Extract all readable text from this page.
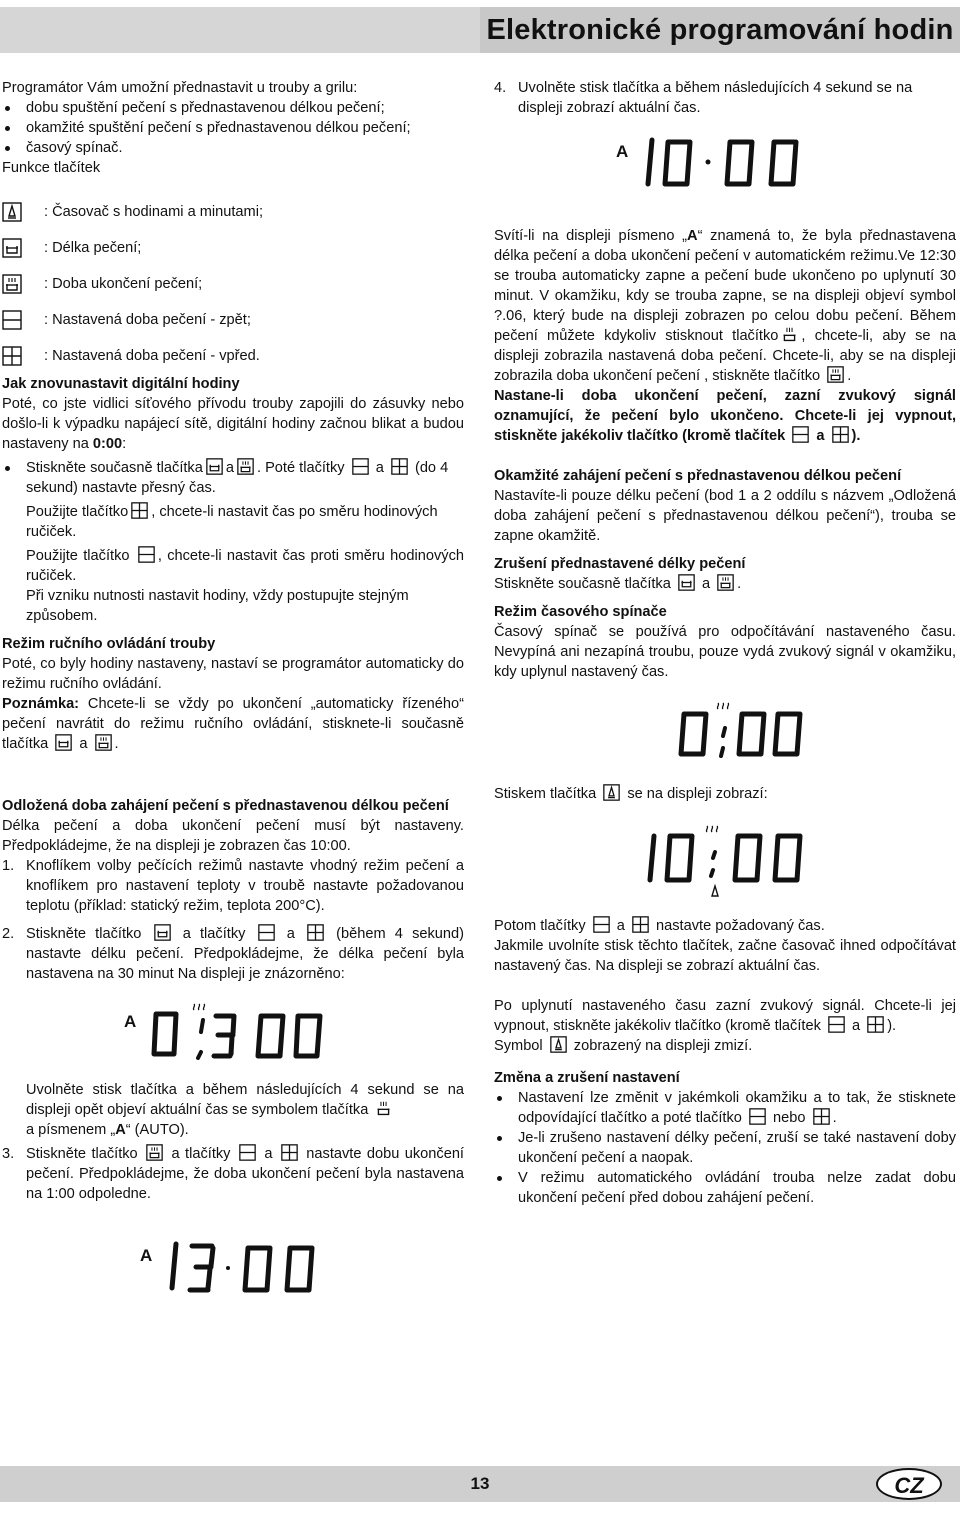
Elektronické programování hodin

Programátor Vám umožní přednastavit u trouby a grilu:

dobu spuštění pečení s přednastavenou délkou pečení;
okamžité spuštění pečení s přednastavenou délkou pečení;
časový spínač.

Funkce tlačítek

: Časovač s hodinami a minutami;
: Délka pečení;
: Doba ukončení pečení;
: Nastavená doba pečení - zpět;
: Nastavená doba pečení - vpřed.

Jak znovunastavit digitální hodiny

Poté, co jste vidlici síťového přívodu trouby zapojili do zásuvky nebo došlo-li k výpadku napájecí sítě, digitální hodiny začnou blikat a budou nastaveny na 0:00:

Stiskněte současně tlačítka a . Poté tlačítky a (do 4 sekund) nastavte přesný čas.

Použijte tlačítko , chcete-li nastavit čas po směru hodinových ručiček.

Použijte tlačítko , chcete-li nastavit čas proti směru hodinových ručiček.

Při vzniku nutnosti nastavit hodiny, vždy postupujte stejným způsobem.

Režim ručního ovládání trouby

Poté, co byly hodiny nastaveny, nastaví se programátor automaticky do režimu ručního ovládání.

Poznámka: Chcete-li se vždy po ukončení „automaticky řízeného“ pečení navrátit do režimu ručního ovládání, stisknete-li současně tlačítka a .

Odložená doba zahájení pečení s přednastavenou délkou pečení

Délka pečení a doba ukončení pečení musí být nastaveny. Předpokládejme, že na displeji je zobrazen čas 10:00.

1. Knoflíkem volby pečících režimů nastavte vhodný režim pečení a knoflíkem pro nastavení teploty v troubě nastavte požadovanou teplotu (příklad: statický režim, teplota 200°C).

2. Stiskněte tlačítko	a tlačítky	a	(během 4 sekund) nastavte délku pečení. Předpokládejme, že délka pečení byla nastavena na 30 minut Na displeji je znázorněno:

A

Uvolněte stisk tlačítka a během následujících 4 sekund se na displeji opět objeví aktuální čas se symbolem tlačítka

a písmenem „A“ (AUTO).

3. Stiskněte tlačítko a tlačítky a nastavte dobu ukončení pečení. Předpokládejme, že doba ukončení pečení byla nastavena na 1:00 odpoledne.

A

4. Uvolněte stisk tlačítka a během následujících 4 sekund se na displeji zobrazí aktuální čas.

A

Svítí-li na displeji písmeno „A“ znamená to, že byla přednastavena délka pečení a doba ukončení pečení v automatickém režimu.Ve 12:30 se trouba automaticky zapne a pečení bude ukončeno po uplynutí 30 minut. V okamžiku, kdy se trouba zapne, se na displeji objeví symbol ?.06, který bude na displeji zobrazen po celou dobu pečení. Během pečení můžete kdykoliv stisknout tlačítko , chcete-li, aby se na displeji zobrazila nastavená doba pečení. Chcete-li, aby se na displeji zobrazila doba ukončení pečení , stiskněte tlačítko .

Nastane-li doba ukončení pečení, zazní zvukový signál oznamující, že pečení bylo ukončeno. Chcete-li jej vypnout, stiskněte jakékoliv tlačítko (kromě tlačítek a ).

Okamžité zahájení pečení s přednastavenou délkou pečení

Nastavíte-li pouze délku pečení (bod 1 a 2 oddílu s názvem „Odložená doba zahájení pečení s přednastavenou délkou pečení“), trouba se zapne okamžitě.

Zrušení přednastavené délky pečení

Stiskněte současně tlačítka a .

Režim časového spínače

Časový spínač se používá pro odpočítávání nastaveného času. Nevypíná ani nezapíná troubu, pouze vydá zvukový signál v okamžiku, kdy uplynul nastavený čas.

Stiskem tlačítka se na displeji zobrazí:

Potom tlačítky a nastavte požadovaný čas.

Jakmile uvolníte stisk těchto tlačítek, začne časovač ihned odpočítávat nastavený čas. Na displeji se zobrazí aktuální čas.

Po uplynutí nastaveného času zazní zvukový signál. Chcete-li jej vypnout, stiskněte jakékoliv tlačítko (kromě tlačítek a ).

Symbol zobrazený na displeji zmizí.

Změna a zrušení nastavení

Nastavení lze změnit v jakémkoli okamžiku a to tak, že stisknete odpovídající tlačítko a poté tlačítko nebo .
Je-li zrušeno nastavení délky pečení, zruší se také nastavení doby ukončení pečení a naopak.
V režimu automatického ovládání trouba nelze zadat dobu ukončení pečení před dobou zahájení pečení.
13	CZ
